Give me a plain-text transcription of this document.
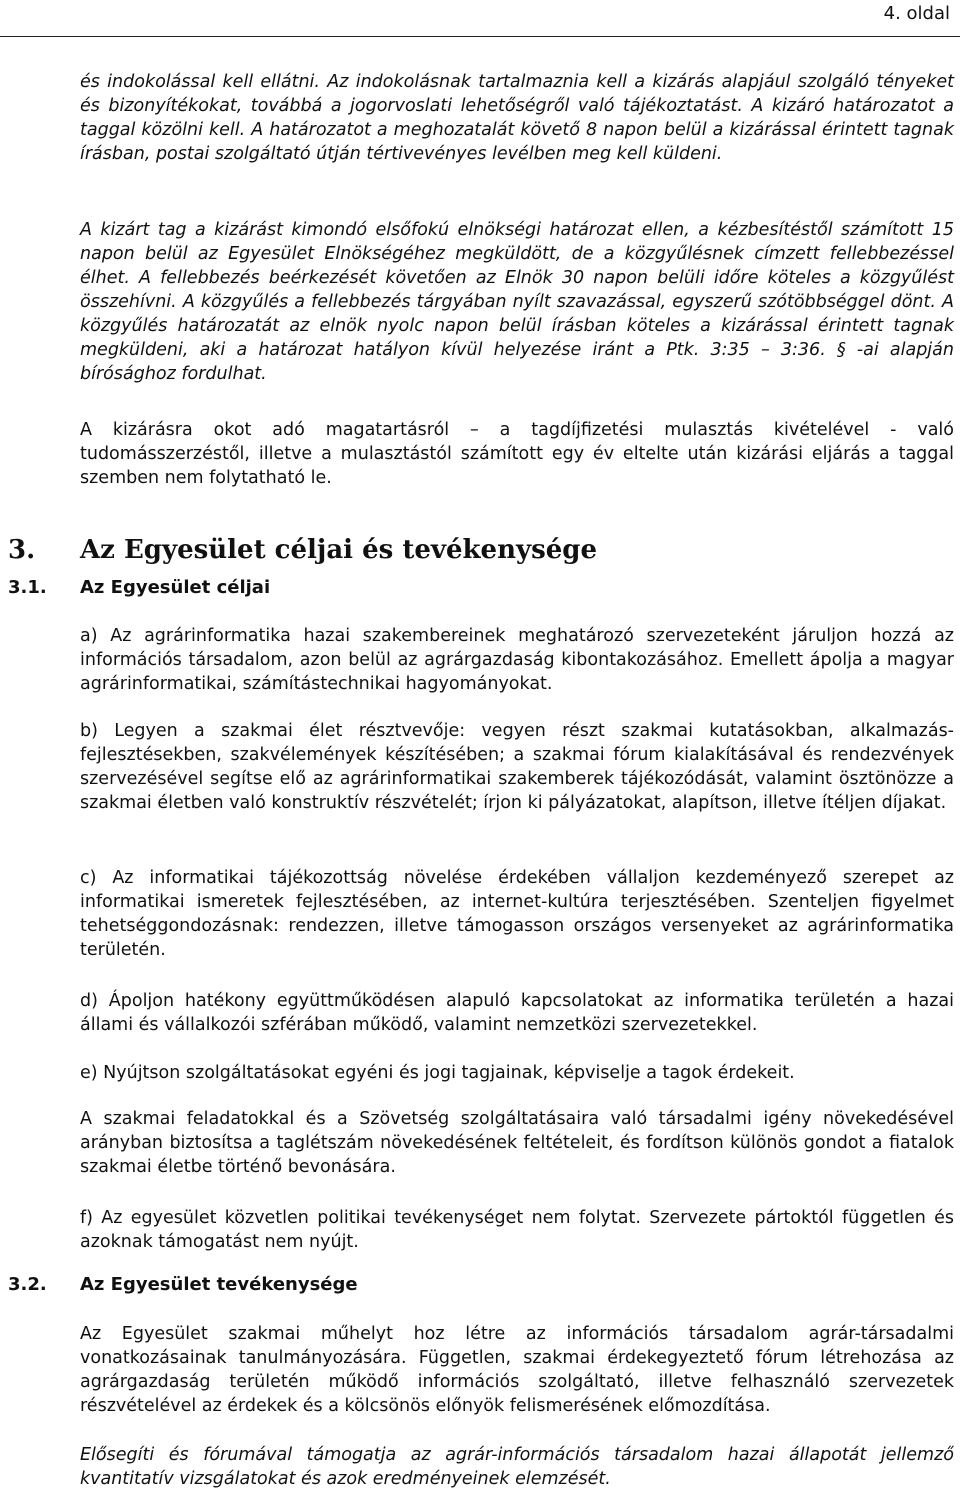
4. oldal

és indokolással kell ellátni. Az indokolásnak tartalmaznia kell a kizárás alapjául szolgáló tényeket és bizonyítékokat, továbbá a jogorvoslati lehetőségről való tájékoztatást. A kizáró határozatot a taggal közölni kell. A határozatot a meghozatalát követő 8 napon belül a kizárással érintett tagnak írásban, postai szolgáltató útján tértivevényes levélben meg kell küldeni.

A kizárt tag a kizárást kimondó elsőfokú elnökségi határozat ellen, a kézbesítéstől számított 15 napon belül az Egyesület Elnökségéhez megküldött, de a közgyűlésnek címzett fellebbezéssel élhet. A fellebbezés beérkezését követően az Elnök 30 napon belüli időre köteles a közgyűlést összehívni. A közgyűlés a fellebbezés tárgyában nyílt szavazással, egyszerű szótöbbséggel dönt. A közgyűlés határozatát az elnök nyolc napon belül írásban köteles a kizárással érintett tagnak megküldeni, aki a határozat hatályon kívül helyezése iránt a Ptk. 3:35 – 3:36. § -ai alapján bírósághoz fordulhat.

A kizárásra okot adó magatartásról – a tagdíjfizetési mulasztás kivételével - való tudomásszerzéstől, illetve a mulasztástól számított egy év eltelte után kizárási eljárás a taggal szemben nem folytatható le.

3. Az Egyesület céljai és tevékenysége
3.1. Az Egyesület céljai

a) Az agrárinformatika hazai szakembereinek meghatározó szervezeteként járuljon hozzá az információs társadalom, azon belül az agrárgazdaság kibontakozásához. Emellett ápolja a magyar agrárinformatikai, számítástechnikai hagyományokat.

b) Legyen a szakmai élet résztvevője: vegyen részt szakmai kutatásokban, alkalmazás-fejlesztésekben, szakvélemények készítésében; a szakmai fórum kialakításával és rendezvények szervezésével segítse elő az agrárinformatikai szakemberek tájékozódását, valamint ösztönözze a szakmai életben való konstruktív részvételét; írjon ki pályázatokat, alapítson, illetve ítéljen díjakat.

c) Az informatikai tájékozottság növelése érdekében vállaljon kezdeményező szerepet az informatikai ismeretek fejlesztésében, az internet-kultúra terjesztésében. Szenteljen figyelmet tehetséggondozásnak: rendezzen, illetve támogasson országos versenyeket az agrárinformatika területén.

d) Ápoljon hatékony együttműködésen alapuló kapcsolatokat az informatika területén a hazai állami és vállalkozói szférában működő, valamint nemzetközi szervezetekkel.

e) Nyújtson szolgáltatásokat egyéni és jogi tagjainak, képviselje a tagok érdekeit.

A szakmai feladatokkal és a Szövetség szolgáltatásaira való társadalmi igény növekedésével arányban biztosítsa a taglétszám növekedésének feltételeit, és fordítson különös gondot a fiatalok szakmai életbe történő bevonására.

f) Az egyesület közvetlen politikai tevékenységet nem folytat. Szervezete pártoktól független és azoknak támogatást nem nyújt.

3.2. Az Egyesület tevékenysége

Az Egyesület szakmai műhelyt hoz létre az információs társadalom agrár-társadalmi vonatkozásainak tanulmányozására. Független, szakmai érdekegyeztető fórum létrehozása az agrárgazdaság területén működő információs szolgáltató, illetve felhasználó szervezetek részvételével az érdekek és a kölcsönös előnyök felismerésének előmozdítása.

Elősegíti és fórumával támogatja az agrár-információs társadalom hazai állapotát jellemző kvantitatív vizsgálatokat és azok eredményeinek elemzését.
